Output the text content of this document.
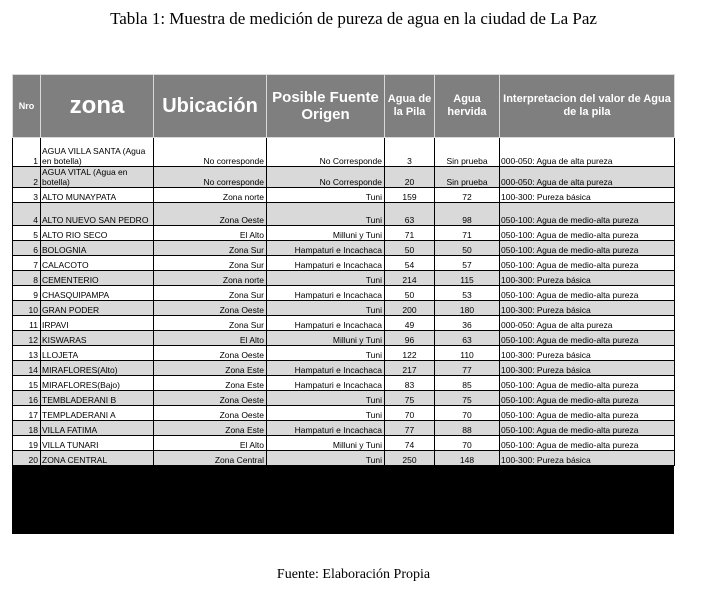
Tabla 1: Muestra de medición de pureza de agua en la ciudad de La Paz
Nro	zona	Ubicación	Posible Fuente Origen	Agua de la Pila	Agua hervida	Interpretacion del valor de Agua de la pila
1	AGUA VILLA SANTA (Agua en botella)	No corresponde	No Corresponde	3	Sin prueba	000-050: Agua de alta pureza
2	AGUA VITAL (Agua en botella)	No corresponde	No Corresponde	20	Sin prueba	000-050: Agua de alta pureza
3	ALTO MUNAYPATA	Zona norte	Tuni	159	72	100-300: Pureza básica
4	ALTO NUEVO SAN PEDRO	Zona Oeste	Tuni	63	98	050-100: Agua de medio-alta pureza
5	ALTO RIO SECO	El Alto	Milluni y Tuni	71	71	050-100: Agua de medio-alta pureza
6	BOLOGNIA	Zona Sur	Hampaturi e Incachaca	50	50	050-100: Agua de medio-alta pureza
7	CALACOTO	Zona Sur	Hampaturi e Incachaca	54	57	050-100: Agua de medio-alta pureza
8	CEMENTERIO	Zona norte	Tuni	214	115	100-300: Pureza básica
9	CHASQUIPAMPA	Zona Sur	Hampaturi e Incachaca	50	53	050-100: Agua de medio-alta pureza
10	GRAN PODER	Zona Oeste	Tuni	200	180	100-300: Pureza básica
11	IRPAVI	Zona Sur	Hampaturi e Incachaca	49	36	000-050: Agua de alta pureza
12	KISWARAS	El Alto	Milluni y Tuni	96	63	050-100: Agua de medio-alta pureza
13	LLOJETA	Zona Oeste	Tuni	122	110	100-300: Pureza básica
14	MIRAFLORES(Alto)	Zona Este	Hampaturi e Incachaca	217	77	100-300: Pureza básica
15	MIRAFLORES(Bajo)	Zona Este	Hampaturi e Incachaca	83	85	050-100: Agua de medio-alta pureza
16	TEMBLADERANI B	Zona Oeste	Tuni	75	75	050-100: Agua de medio-alta pureza
17	TEMPLADERANI A	Zona Oeste	Tuni	70	70	050-100: Agua de medio-alta pureza
18	VILLA FATIMA	Zona Este	Hampaturi e Incachaca	77	88	050-100: Agua de medio-alta pureza
19	VILLA TUNARI	El Alto	Milluni y Tuni	74	70	050-100: Agua de medio-alta pureza
20	ZONA CENTRAL	Zona Central	Tuni	250	148	100-300: Pureza básica
Fuente: Elaboración Propia
